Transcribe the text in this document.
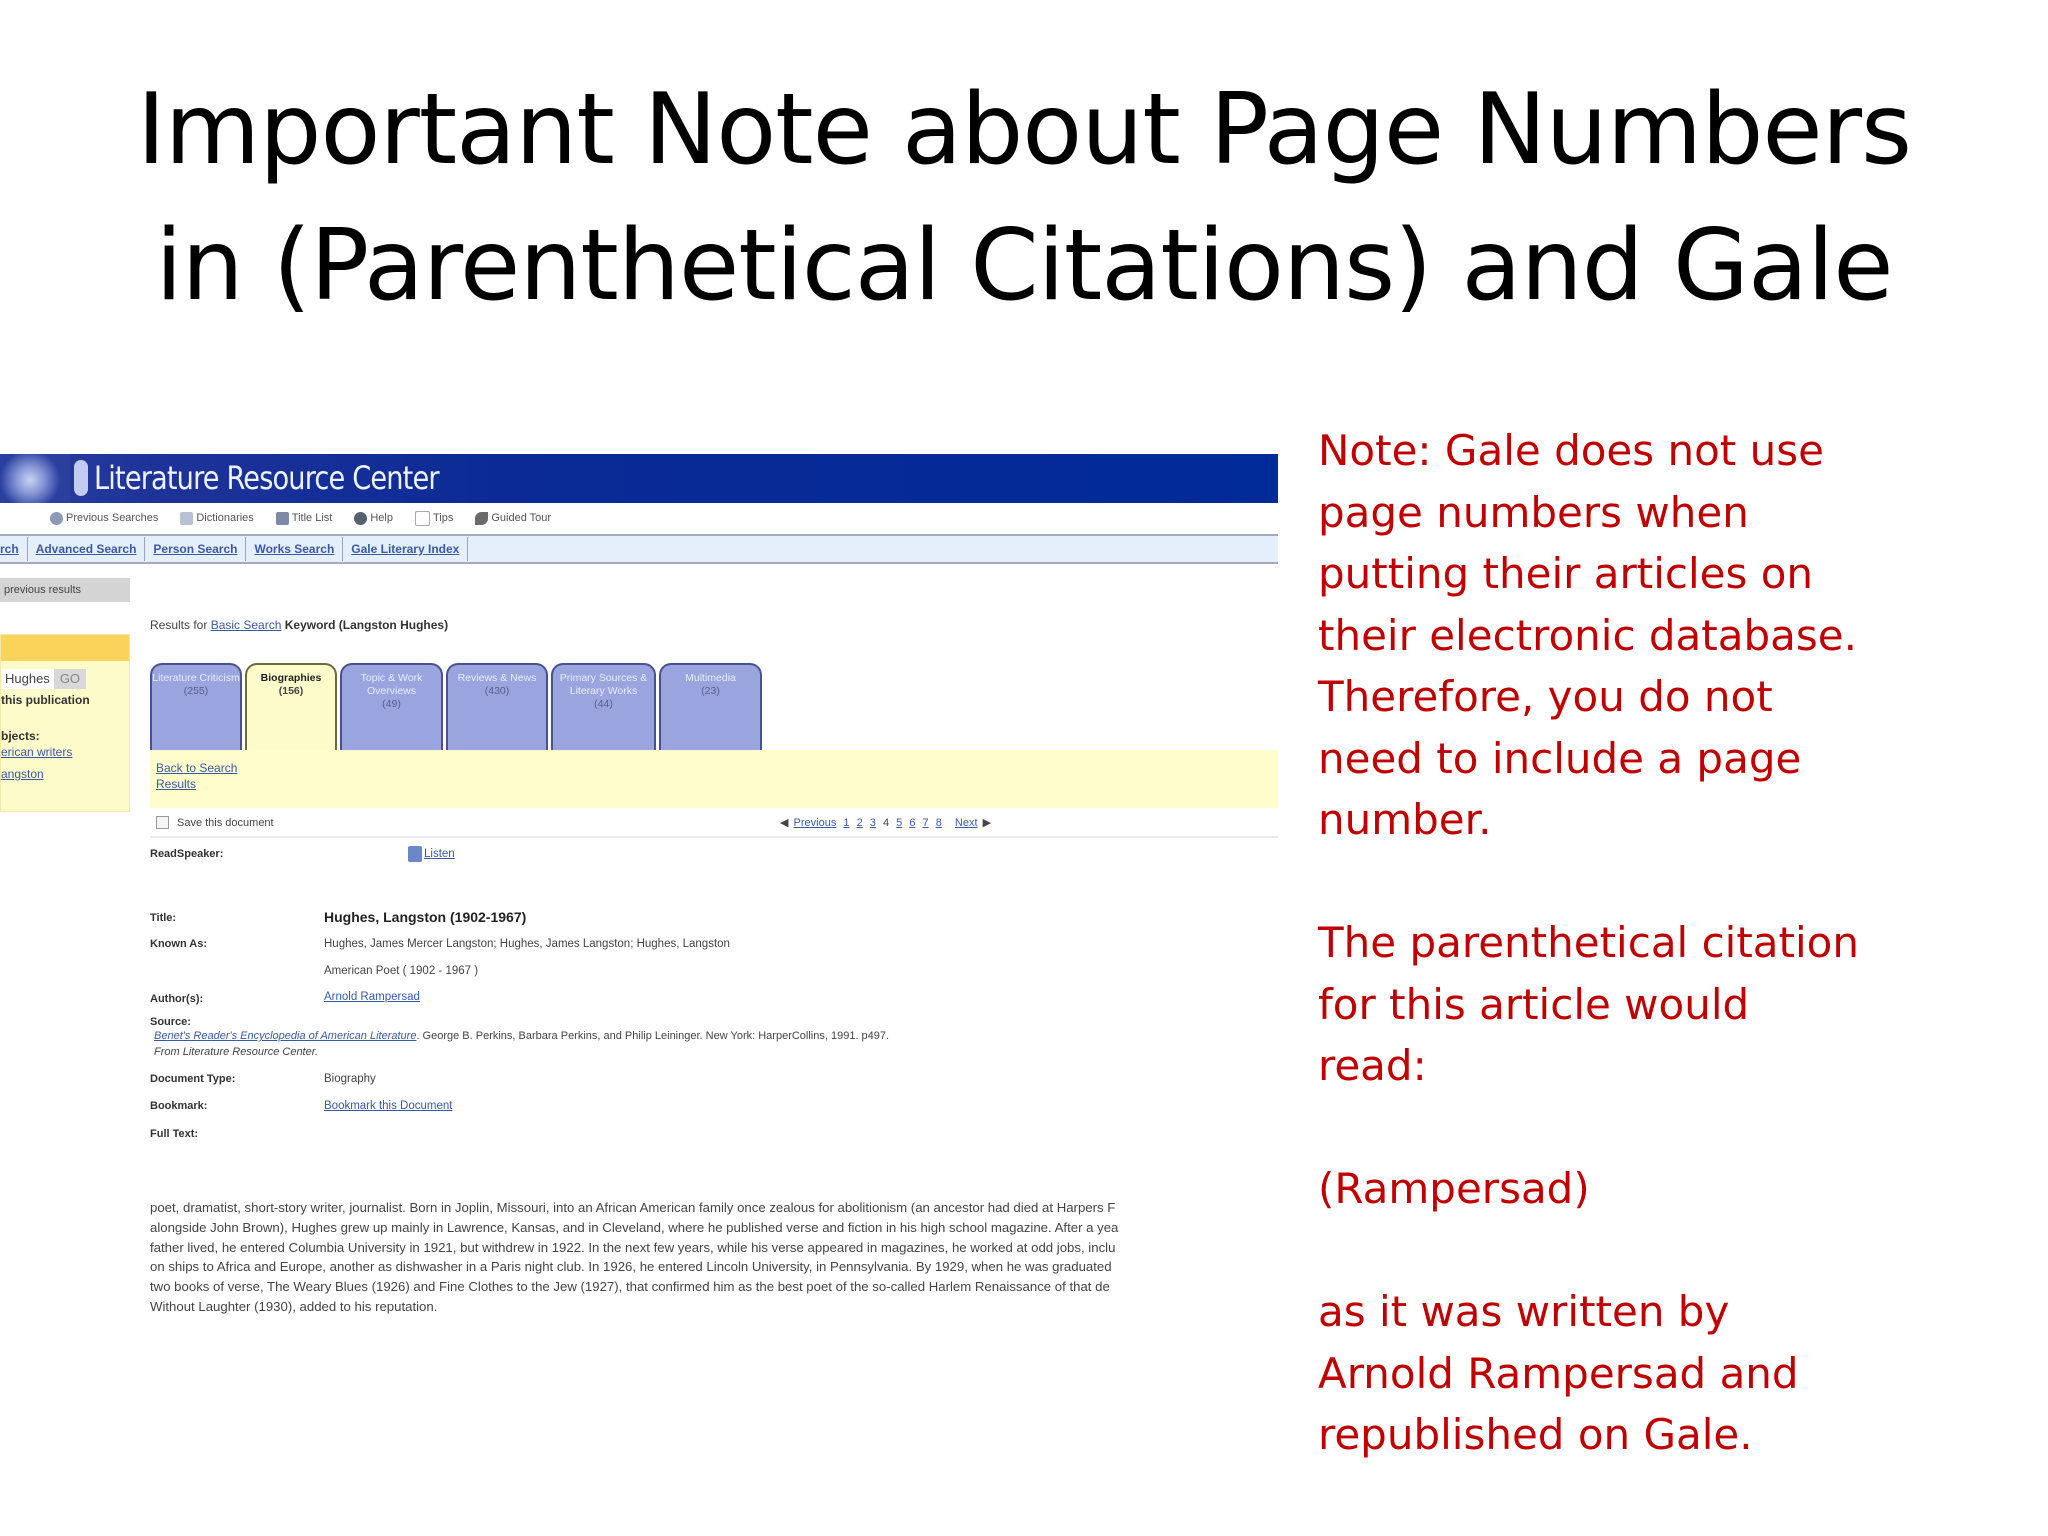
Important Note about Page Numbers
in (Parenthetical Citations) and Gale
Literature Resource Center
Previous Searches	Dictionaries	Title List	Help	Tips	Guided Tour
rch	Advanced Search	Person Search	Works Search	Gale Literary Index
previous results
Hughes GO
this publication
bjects:
erican writers
angston
Results for Basic Search Keyword (Langston Hughes)
Literature Criticism
(255)
Biographies
(156)
Topic & Work Overviews
(49)
Reviews & News
(430)
Primary Sources & Literary Works
(44)
Multimedia
(23)
Back to Search Results
Save this document	◀ Previous 1 2 3 4 5 6 7 8 Next ▶
ReadSpeaker:	Listen
Title:	Hughes, Langston (1902-1967)
Known As:	Hughes, James Mercer Langston; Hughes, James Langston; Hughes, Langston
American Poet ( 1902 - 1967 )
Author(s):	Arnold Rampersad
Source:
Benet's Reader's Encyclopedia of American Literature. George B. Perkins, Barbara Perkins, and Philip Leininger. New York: HarperCollins, 1991. p497.
From Literature Resource Center.
Document Type:	Biography
Bookmark:	Bookmark this Document
Full Text:
poet, dramatist, short-story writer, journalist. Born in Joplin, Missouri, into an African American family once zealous for abolitionism (an ancestor had died at Harpers F
alongside John Brown), Hughes grew up mainly in Lawrence, Kansas, and in Cleveland, where he published verse and fiction in his high school magazine. After a yea
father lived, he entered Columbia University in 1921, but withdrew in 1922. In the next few years, while his verse appeared in magazines, he worked at odd jobs, inclu
on ships to Africa and Europe, another as dishwasher in a Paris night club. In 1926, he entered Lincoln University, in Pennsylvania. By 1929, when he was graduated
two books of verse, The Weary Blues (1926) and Fine Clothes to the Jew (1927), that confirmed him as the best poet of the so-called Harlem Renaissance of that de
Without Laughter (1930), added to his reputation.
Note: Gale does not use
page numbers when
putting their articles on
their electronic database.
Therefore, you do not
need to include a page
number.
The parenthetical citation
for this article would
read:
(Rampersad)
as it was written by
Arnold Rampersad and
republished on Gale.
